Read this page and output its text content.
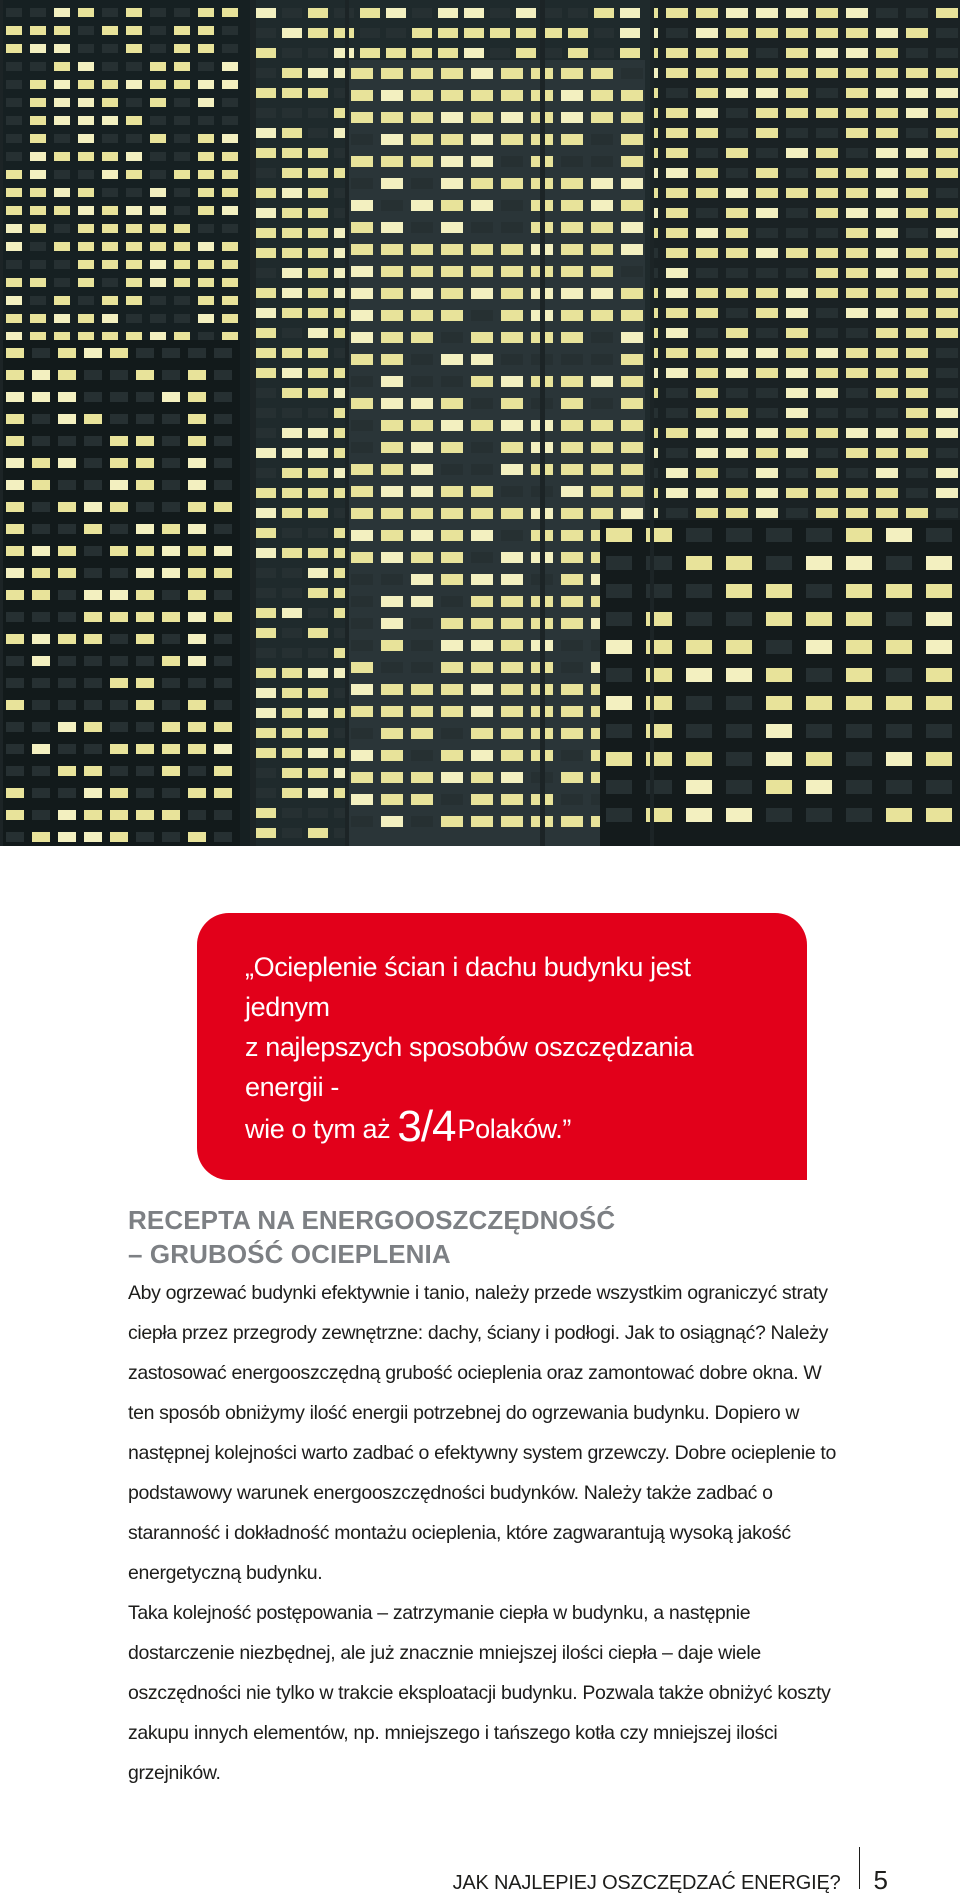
„Ocieplenie ścian i dachu budynku jest jednym
z najlepszych sposobów oszczędzania energii -
wie o tym aż 3/4Polaków.”

– Raport ROCKWOOL „Polacy o oszczędzaniu energii”.
RECEPTA NA ENERGOOSZCZĘDNOŚĆ
– GRUBOŚĆ OCIEPLENIA

Aby ogrzewać budynki efektywnie i tanio, należy przede wszystkim ograniczyć straty ciepła przez przegrody zewnętrzne: dachy, ściany i podłogi. Jak to osiągnąć? Należy zastosować energooszczędną grubość ocieplenia oraz zamontować dobre okna. W ten sposób obniżymy ilość energii potrzebnej do ogrzewania budynku. Dopiero w następnej kolejności warto zadbać o efektywny system grzewczy. Dobre ocieplenie to podstawowy warunek energooszczędności budynków. Należy także zadbać o staranność i dokładność montażu ocieplenia, które zagwarantują wysoką jakość energetyczną budynku.

Taka kolejność postępowania – zatrzymanie ciepła w budynku, a następnie dostarczenie niezbędnej, ale już znacznie mniejszej ilości ciepła – daje wiele oszczędności nie tylko w trakcie eksploatacji budynku. Pozwala także obniżyć koszty zakupu innych elementów, np. mniejszego i tańszego kotła czy mniejszej ilości grzejników.

JAK NAJLEPIEJ OSZCZĘDZAĆ ENERGIĘ?	5
